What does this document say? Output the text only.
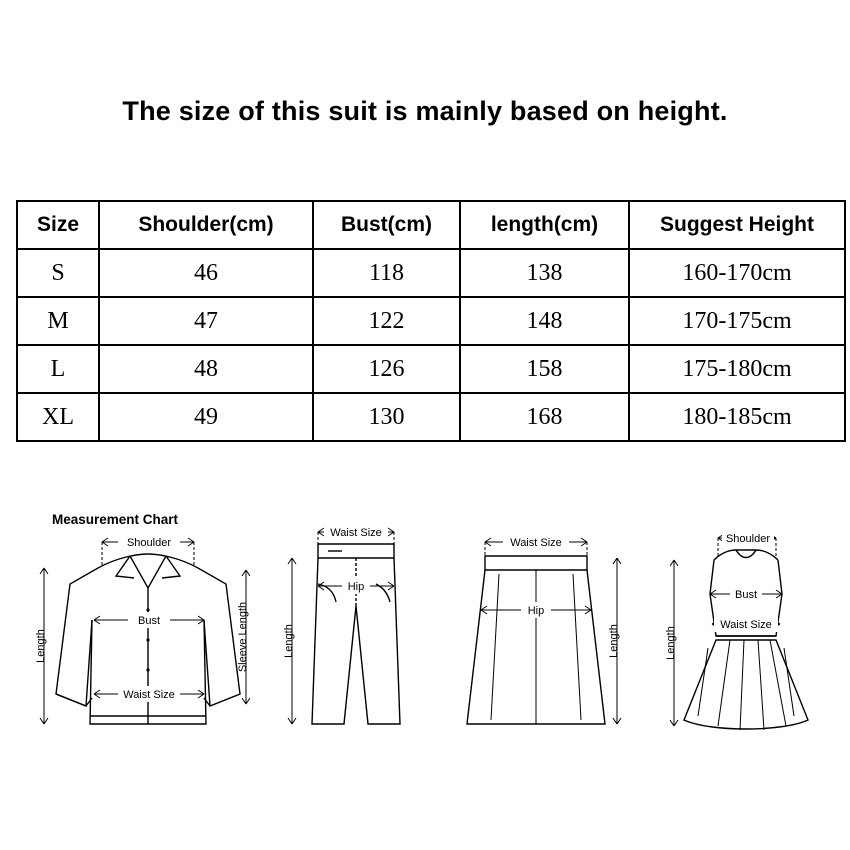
The size of this suit is mainly based on height.
Size	Shoulder(cm)	Bust(cm)	length(cm)	Suggest Height
S	46	118	138	160-170cm
M	47	122	148	170-175cm
L	48	126	158	175-180cm
XL	49	130	168	180-185cm
Measurement Chart
Shoulder
Bust
Waist Size
Length	Sleeve Length
Waist Size
Hip
Length
Waist Size
Hip
Length
Shoulder
Bust
Waist Size
Length
